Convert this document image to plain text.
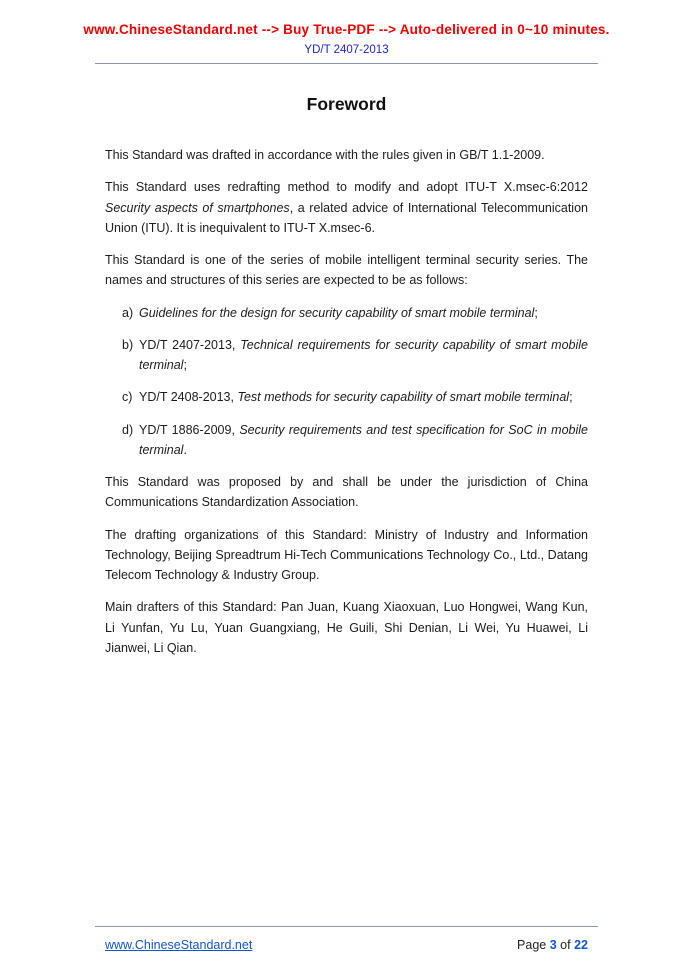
www.ChineseStandard.net --> Buy True-PDF --> Auto-delivered in 0~10 minutes.
YD/T 2407-2013
Foreword

This Standard was drafted in accordance with the rules given in GB/T 1.1-2009.

This Standard uses redrafting method to modify and adopt ITU-T X.msec-6:2012 Security aspects of smartphones, a related advice of International Telecommunication Union (ITU). It is inequivalent to ITU-T X.msec-6.

This Standard is one of the series of mobile intelligent terminal security series. The names and structures of this series are expected to be as follows:

a) Guidelines for the design for security capability of smart mobile terminal;
b) YD/T 2407-2013, Technical requirements for security capability of smart mobile terminal;
c) YD/T 2408-2013, Test methods for security capability of smart mobile terminal;
d) YD/T 1886-2009, Security requirements and test specification for SoC in mobile terminal.

This Standard was proposed by and shall be under the jurisdiction of China Communications Standardization Association.

The drafting organizations of this Standard: Ministry of Industry and Information Technology, Beijing Spreadtrum Hi-Tech Communications Technology Co., Ltd., Datang Telecom Technology & Industry Group.

Main drafters of this Standard: Pan Juan, Kuang Xiaoxuan, Luo Hongwei, Wang Kun, Li Yunfan, Yu Lu, Yuan Guangxiang, He Guili, Shi Denian, Li Wei, Yu Huawei, Li Jianwei, Li Qian.

www.ChineseStandard.net	Page 3 of 22
